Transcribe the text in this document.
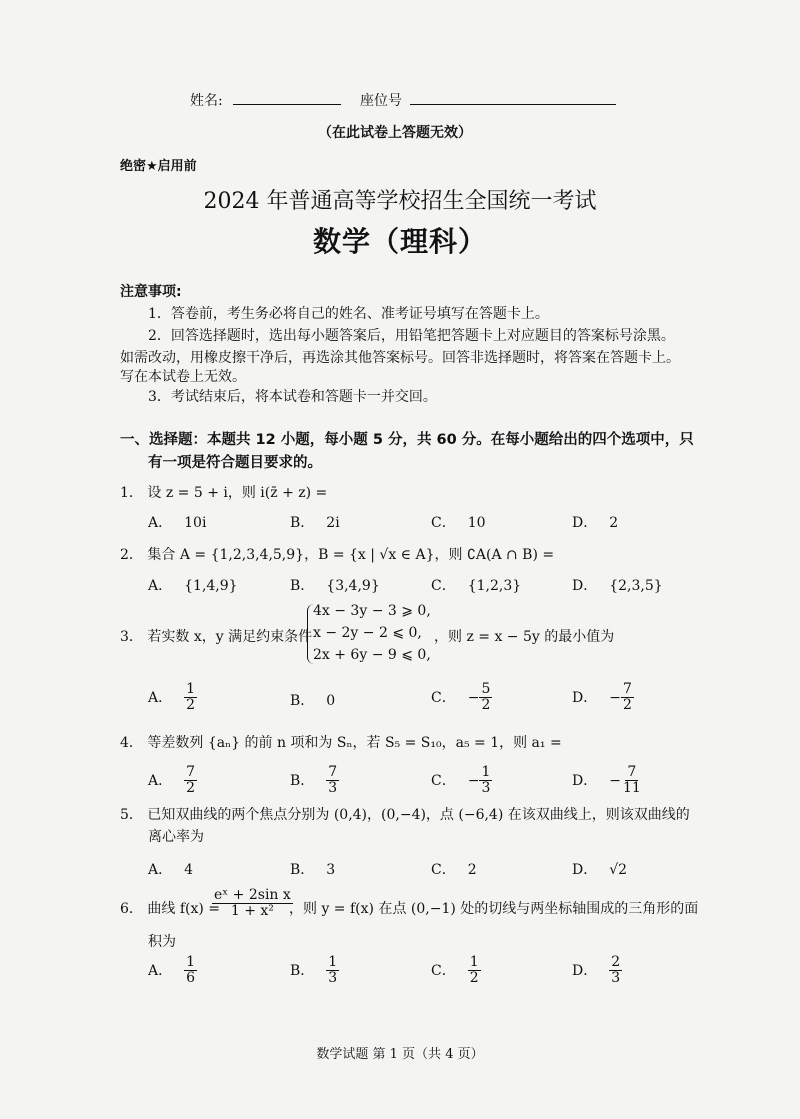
姓名:	座位号
（在此试卷上答题无效）
绝密★启用前
2024 年普通高等学校招生全国统一考试
数学（理科）
注意事项:
1．答卷前，考生务必将自己的姓名、准考证号填写在答题卡上。
2．回答选择题时，选出每小题答案后，用铅笔把答题卡上对应题目的答案标号涂黑。
如需改动，用橡皮擦干净后，再选涂其他答案标号。回答非选择题时，将答案在答题卡上。
写在本试卷上无效。
3．考试结束后，将本试卷和答题卡一并交回。
一、选择题：本题共 12 小题，每小题 5 分，共 60 分。在每小题给出的四个选项中，只
有一项是符合题目要求的。
1． 设 z = 5 + i，则 i(z̄ + z) =
A． 10i	B． 2i	C． 10	D． 2
2． 集合 A = {1,2,3,4,5,9}，B = {x | √x ∈ A}，则 ∁A(A ∩ B) =
A． {1,4,9}	B． {3,4,9}	C． {1,2,3}	D． {2,3,5}
3． 若实数 x，y 满足约束条件
4x − 3y − 3 ⩾ 0,
x − 2y − 2 ⩽ 0,
2x + 6y − 9 ⩽ 0,
，则 z = x − 5y 的最小值为
A． $\frac{1}{2}$	B． 0	C． − $\frac{5}{2}$	D． − $\frac{7}{2}$
4． 等差数列 {aₙ} 的前 n 项和为 Sₙ，若 S₅ = S₁₀，a₅ = 1，则 a₁ =
A． $\frac{7}{2}$	B． $\frac{7}{3}$	C． − $\frac{1}{3}$	D． − $\frac{7}{11}$
5． 已知双曲线的两个焦点分别为 (0,4)，(0,−4)，点 (−6,4) 在该双曲线上，则该双曲线的
离心率为
A． 4	B． 3	C． 2	D． √2
6． 曲线 f(x) =
$\frac{\text{eˣ + 2sin x}}{\text{1 + x²}}$
，则 y = f(x) 在点 (0,−1) 处的切线与两坐标轴围成的三角形的面
积为
A． $\frac{1}{6}$	B． $\frac{1}{3}$	C． $\frac{1}{2}$	D． $\frac{2}{3}$
数学试题 第 1 页（共 4 页）
